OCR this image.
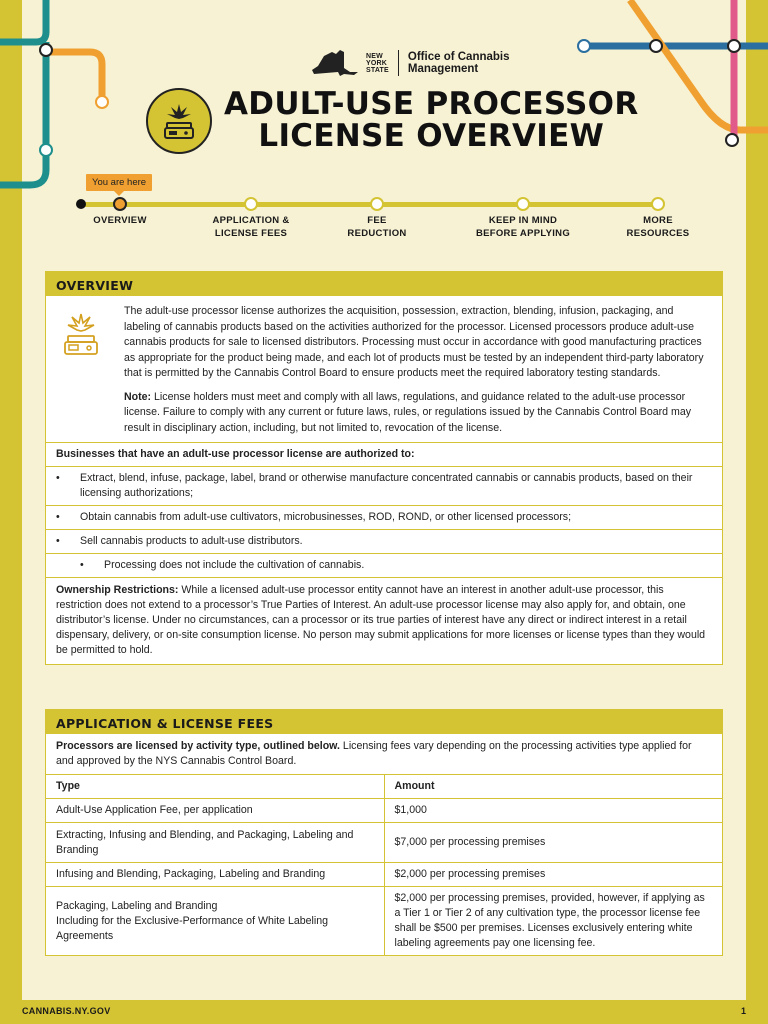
NEW
YORK
STATE
Office of Cannabis
Management
ADULT-USE PROCESSOR
LICENSE OVERVIEW
You are here
OVERVIEW	APPLICATION &
LICENSE FEES
FEE
REDUCTION
KEEP IN MIND
BEFORE APPLYING
MORE
RESOURCES
OVERVIEW

The adult-use processor license authorizes the acquisition, possession, extraction, blending, infusion, packaging, and labeling of cannabis products based on the activities authorized for the processor. Licensed processors produce adult-use cannabis products for sale to licensed distributors. Processing must occur in accordance with good manufacturing practices as appropriate for the product being made, and each lot of products must be tested by an independent third-party laboratory that is permitted by the Cannabis Control Board to ensure products meet the required laboratory testing standards.

Note: License holders must meet and comply with all laws, regulations, and guidance related to the adult-use processor license. Failure to comply with any current or future laws, rules, or regulations issued by the Cannabis Control Board may result in disciplinary action, including, but not limited to, revocation of the license.

Businesses that have an adult-use processor license are authorized to:
•	Extract, blend, infuse, package, label, brand or otherwise manufacture concentrated cannabis or cannabis products, based on their licensing authorizations;
•	Obtain cannabis from adult-use cultivators, microbusinesses, ROD, ROND, or other licensed processors;
•	Sell cannabis products to adult-use distributors.
•	Processing does not include the cultivation of cannabis.
Ownership Restrictions: While a licensed adult-use processor entity cannot have an interest in another adult-use processor, this restriction does not extend to a processor’s True Parties of Interest. An adult-use processor license may also apply for, and obtain, one distributor’s license. Under no circumstances, can a processor or its true parties of interest have any direct or indirect interest in a retail dispensary, delivery, or on-site consumption license. No person may submit applications for more licenses or license types than they would be permitted to hold.
APPLICATION & LICENSE FEES
Processors are licensed by activity type, outlined below. Licensing fees vary depending on the processing activities type applied for and approved by the NYS Cannabis Control Board.
Type	Amount
Adult-Use Application Fee, per application	$1,000
Extracting, Infusing and Blending, and Packaging, Labeling and Branding	$7,000 per processing premises
Infusing and Blending, Packaging, Labeling and Branding	$2,000 per processing premises
Packaging, Labeling and Branding
Including for the Exclusive-Performance of White Labeling Agreements	$2,000 per processing premises, provided, however, if applying as a Tier 1 or Tier 2 of any cultivation type, the processor license fee shall be $500 per premises. Licenses exclusively entering white labeling agreements pay one licensing fee.
CANNABIS.NY.GOV	1
